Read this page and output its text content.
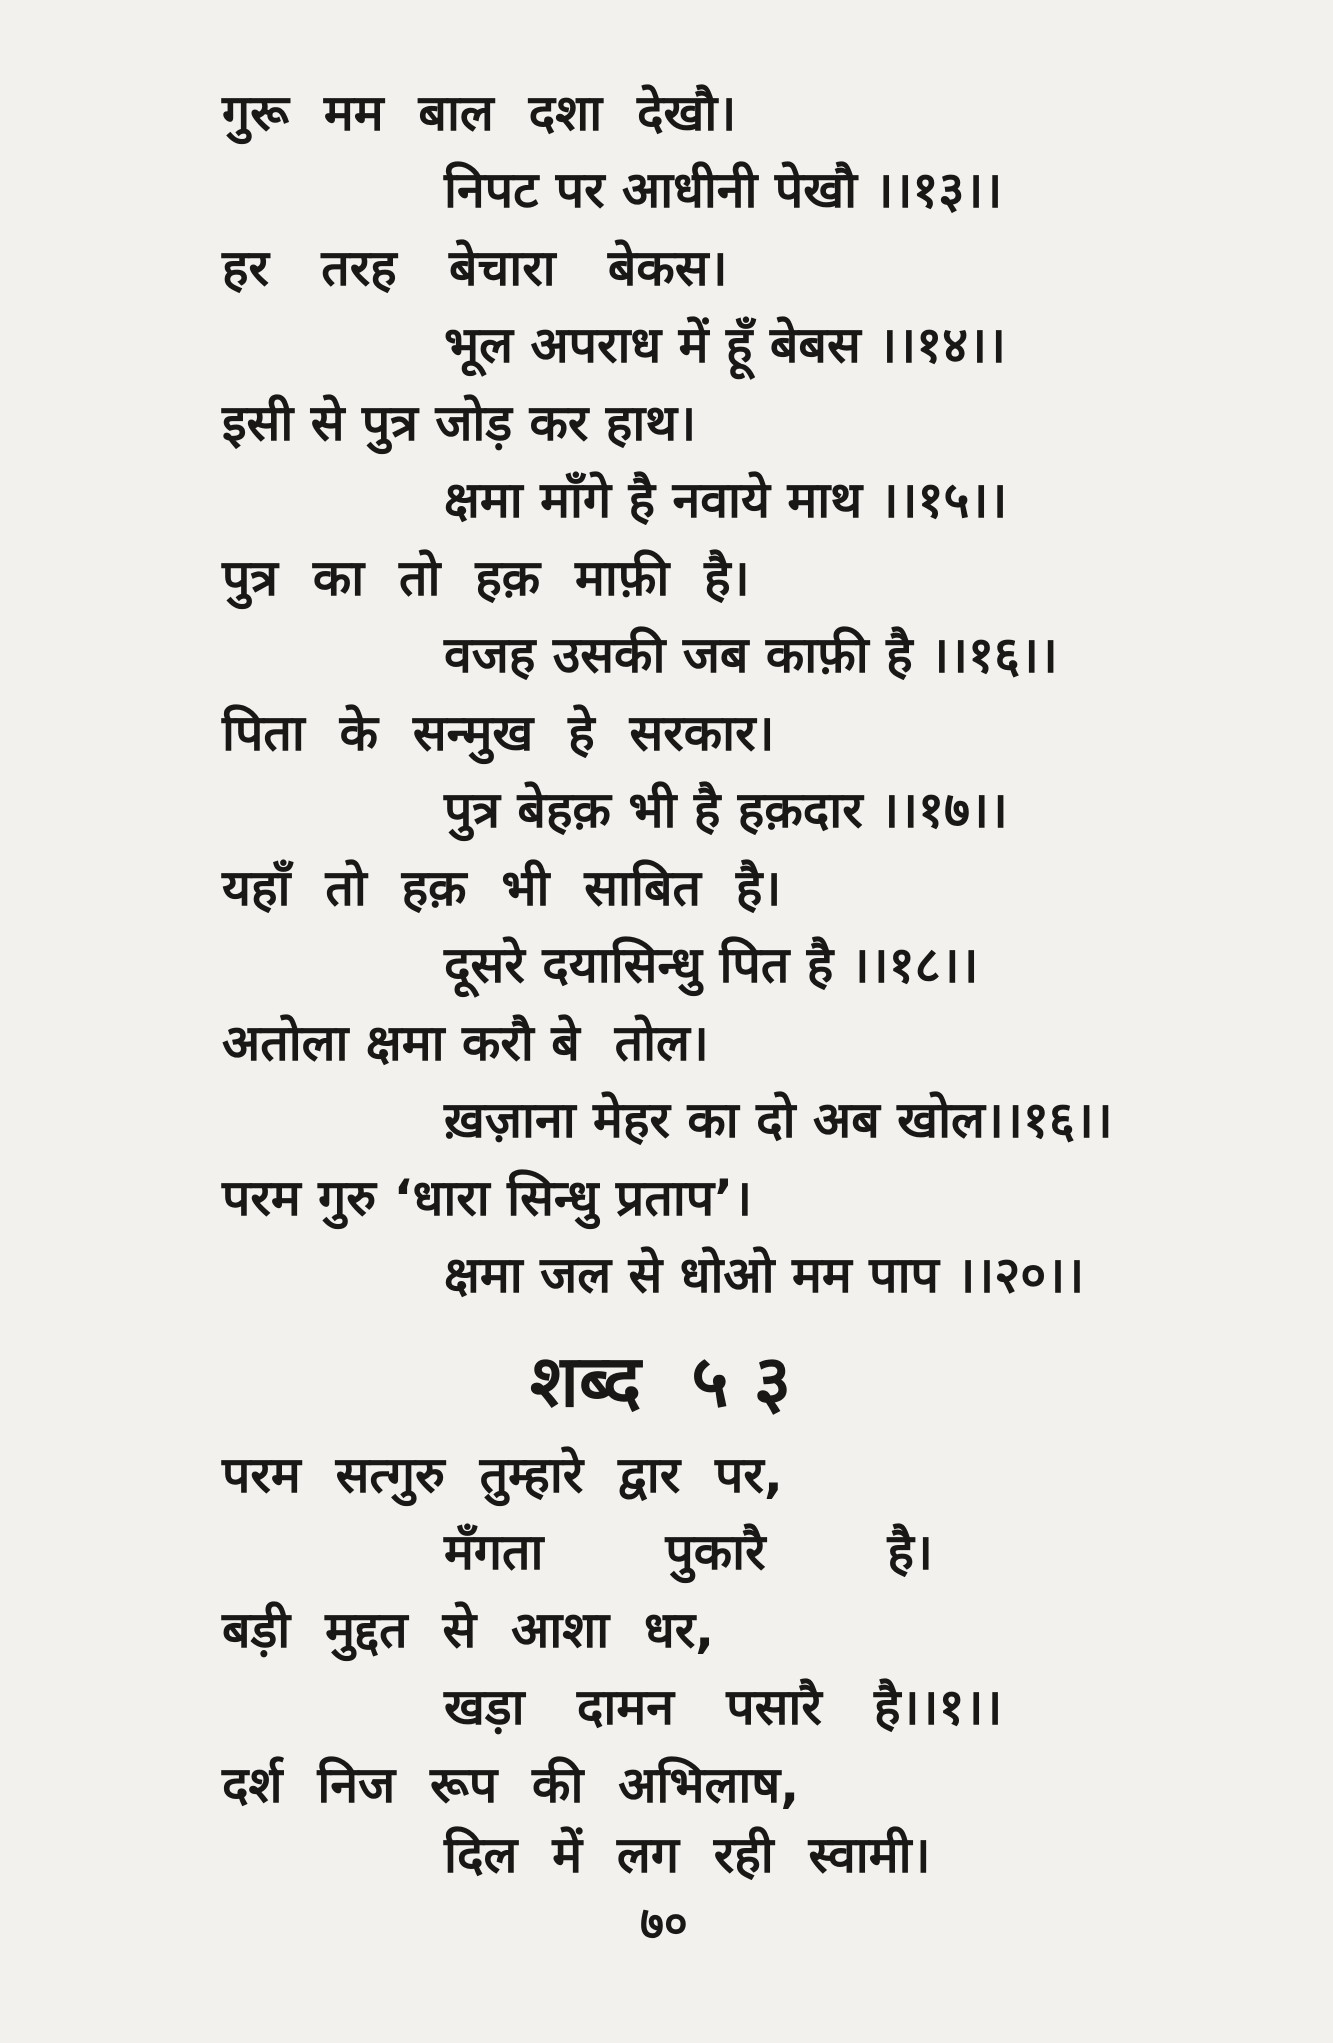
गुरू  मम  बाल  दशा  देखौ।
निपट पर आधीनी पेखौ ।।१३।।
हर   तरह   बेचारा   बेकस।
भूल अपराध में हूँ बेबस ।।१४।।
इसी से पुत्र जोड़ कर हाथ।
क्षमा माँगे है नवाये माथ ।।१५।।
पुत्र  का  तो  हक़  माफ़ी  है।
वजह उसकी जब काफ़ी है ।।१६।।
पिता  के  सन्मुख  हे  सरकार।
पुत्र बेहक़ भी है हक़दार ।।१७।।
यहाँ  तो  हक़  भी  साबित  है।
दूसरे दयासिन्धु पित है ।।१८।।
अतोला क्षमा करौ बे  तोल।
ख़ज़ाना मेहर का दो अब खोल।।१६।।
परम गुरु ‘धारा सिन्धु प्रताप’।
क्षमा जल से धोओ मम पाप ।।२०।।
शब्द  ५ ३
परम  सत्गुरु  तुम्हारे  द्वार  पर,
मँगता       पुकारै       है।
बड़ी  मुद्दत  से  आशा  धर,
खड़ा   दामन   पसारै   है।।१।।
दर्श  निज  रूप  की  अभिलाष,
दिल  में  लग  रही  स्वामी।
७०
